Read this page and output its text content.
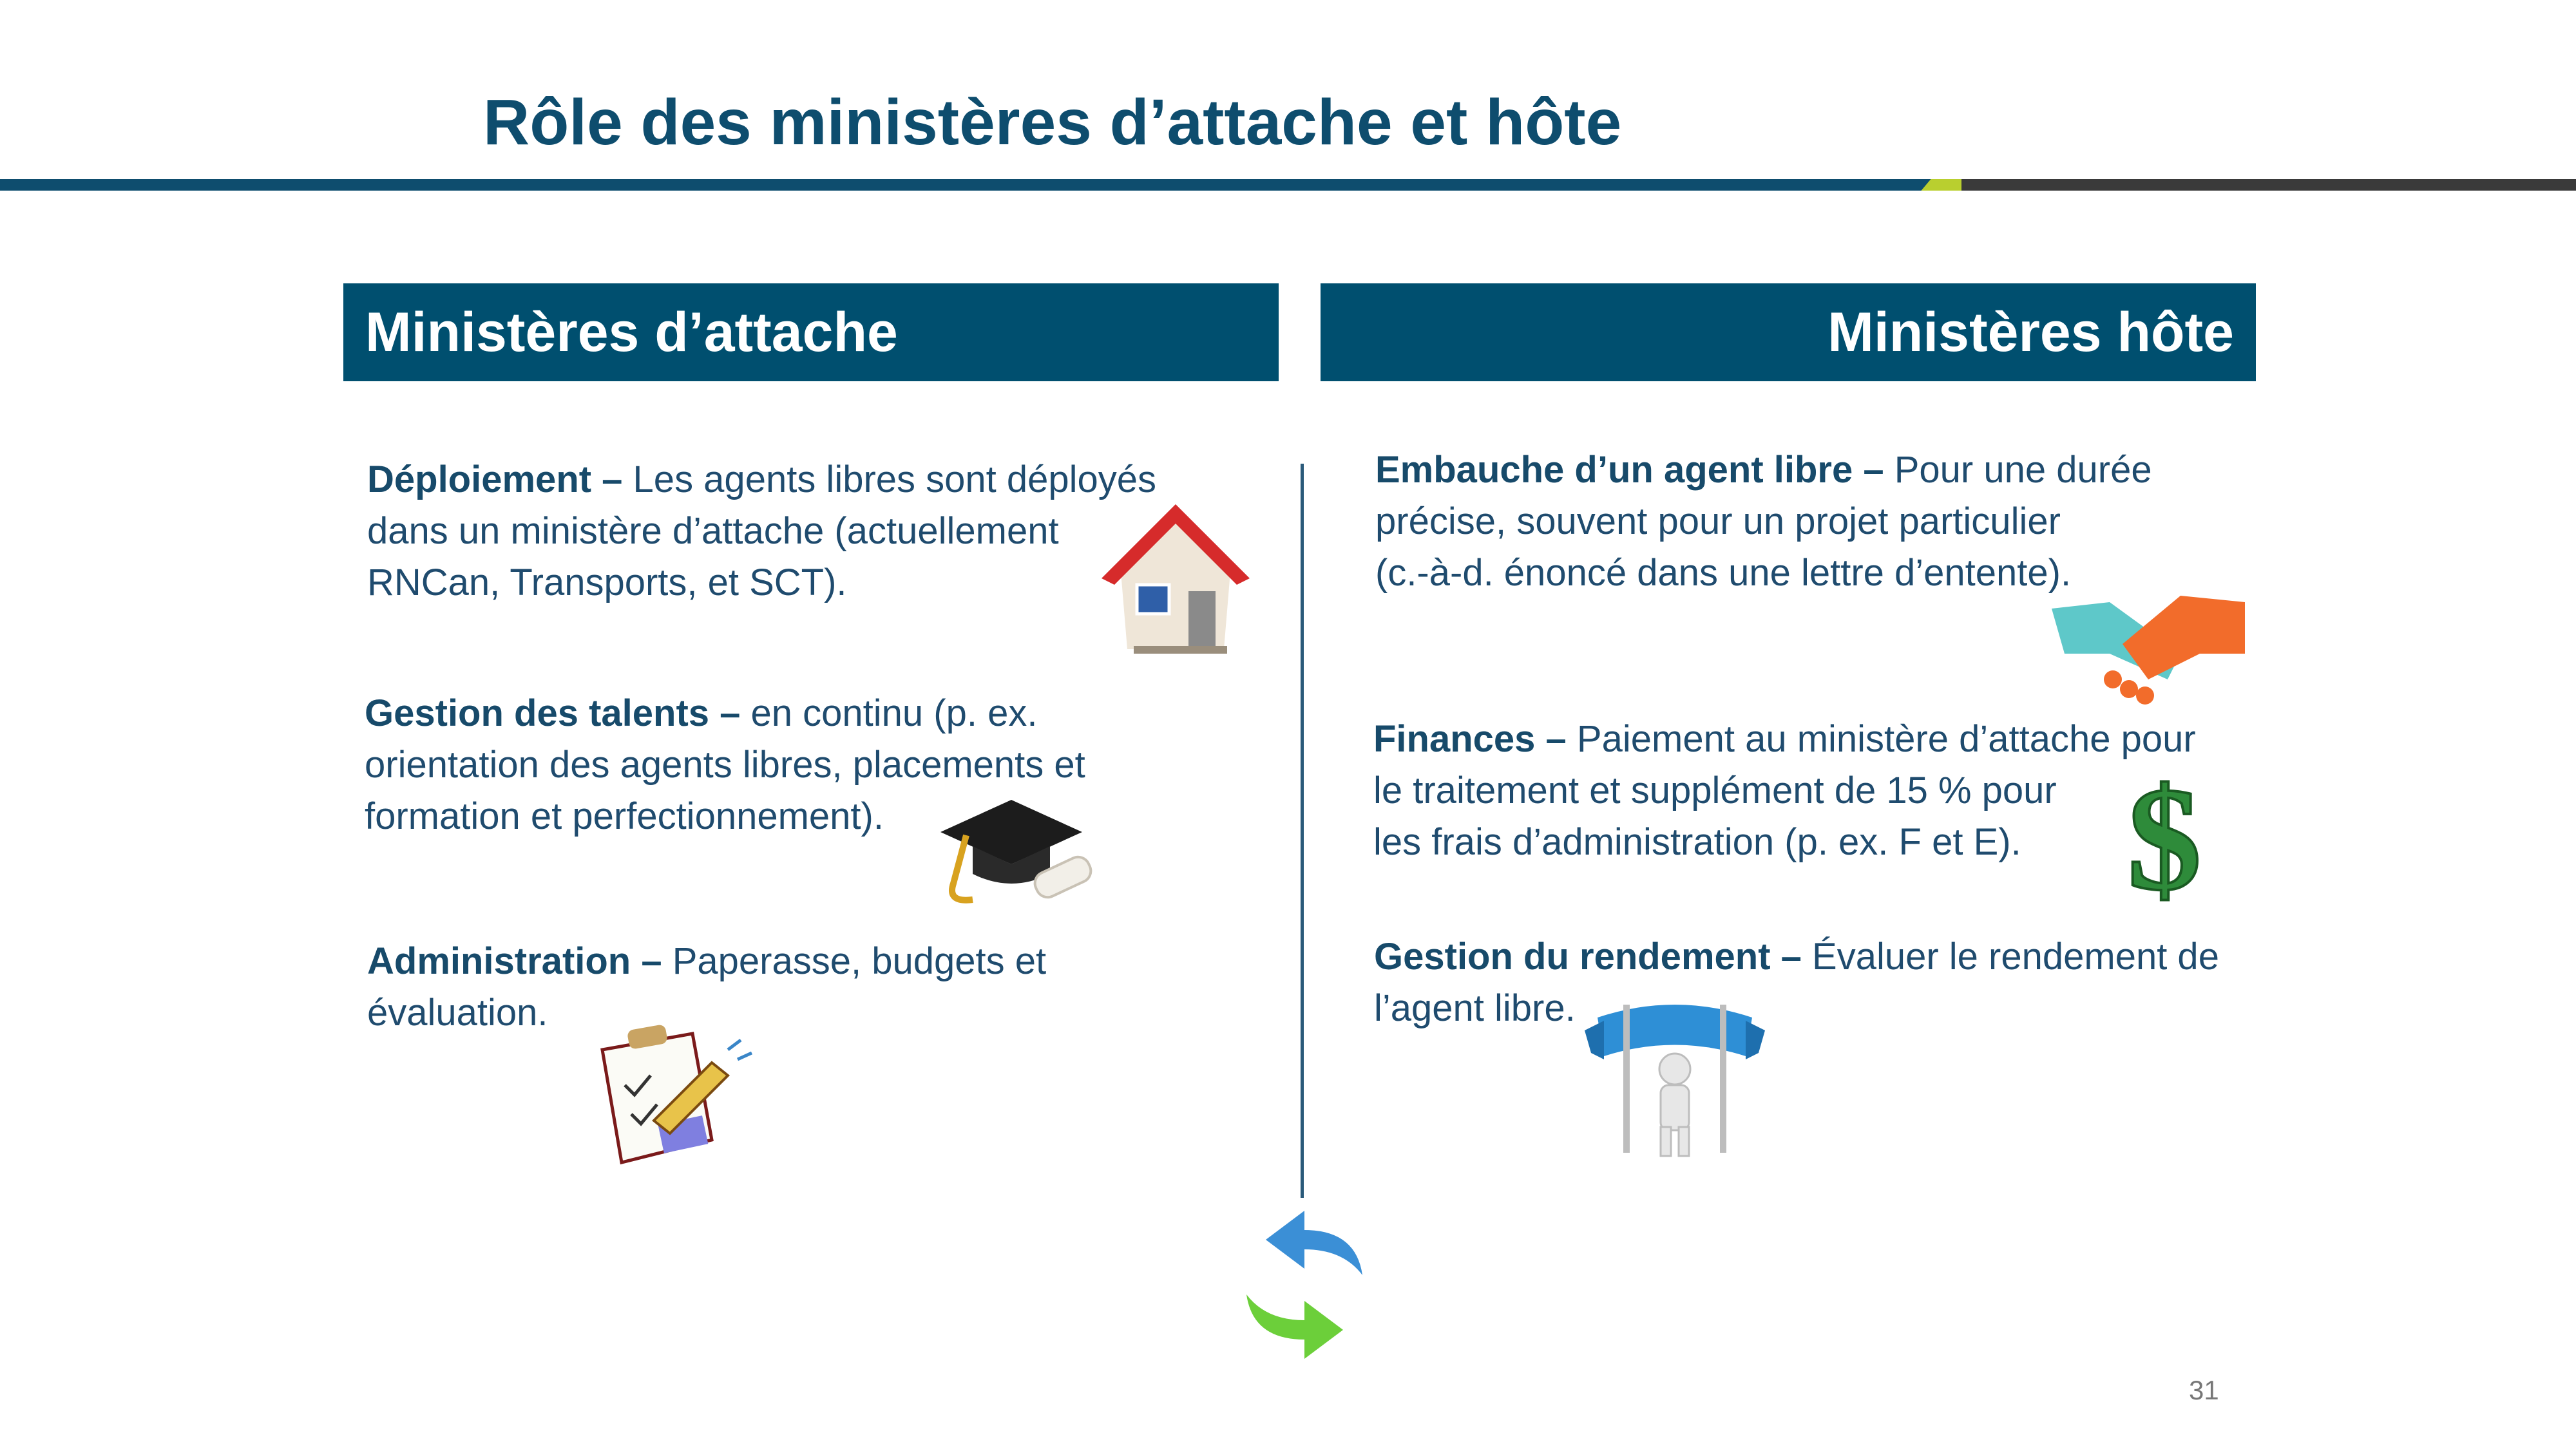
Rôle des ministères d’attache et hôte
Ministères d’attache	Ministères hôte
Déploiement – Les agents libres sont déployés
dans un ministère d’attache (actuellement
RNCan, Transports, et SCT).
Gestion des talents – en continu (p. ex.
orientation des agents libres, placements et
formation et perfectionnement).
Administration – Paperasse, budgets et
évaluation.
Embauche d’un agent libre – Pour une durée
précise, souvent pour un projet particulier
(c.-à-d. énoncé dans une lettre d’entente).
Finances – Paiement au ministère d’attache pour
le traitement et supplément de 15 % pour
les frais d’administration (p. ex. F et E).
Gestion du rendement – Évaluer le rendement de
l’agent libre.
$
31
